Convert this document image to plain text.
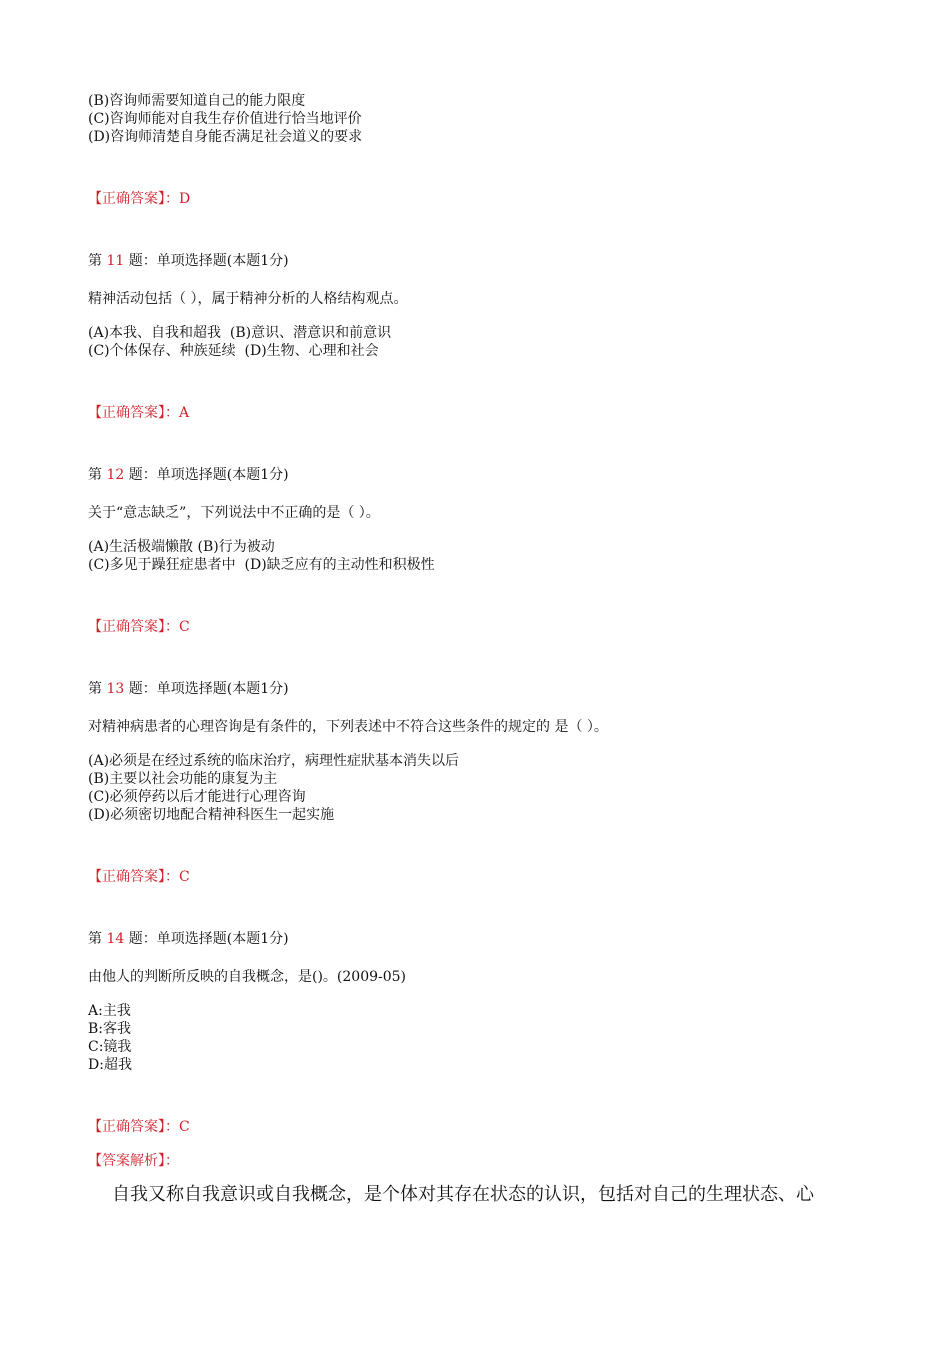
(B)咨询师需要知道自己的能力限度

(C)咨询师能对自我生存价值进行恰当地评价

(D)咨询师清楚自身能否满足社会道义的要求

【正确答案】：D

第 11 题：单项选择题(本题1分)

精神活动包括（ ），属于精神分析的人格结构观点。

(A)本我、自我和超我  (B)意识、潜意识和前意识

(C)个体保存、种族延续  (D)生物、心理和社会

【正确答案】：A

第 12 题：单项选择题(本题1分)

关于“意志缺乏”，下列说法中不正确的是（ ）。

(A)生活极端懒散 (B)行为被动

(C)多见于躁狂症患者中  (D)缺乏应有的主动性和积极性

【正确答案】：C

第 13 题：单项选择题(本题1分)

对精神病患者的心理咨询是有条件的，下列表述中不符合这些条件的规定的 是（ ）。

(A)必须是在经过系统的临床治疗，病理性症狀基本消失以后

(B)主要以社会功能的康复为主

(C)必须停药以后才能进行心理咨询

(D)必须密切地配合精神科医生一起实施

【正确答案】：C

第 14 题：单项选择题(本题1分)

由他人的判断所反映的自我概念，是()。(2009-05)

A:主我

B:客我

C:镜我

D:超我

【正确答案】：C

【答案解析】：

自我又称自我意识或自我概念，是个体对其存在状态的认识，包括对自己的生理状态、心
